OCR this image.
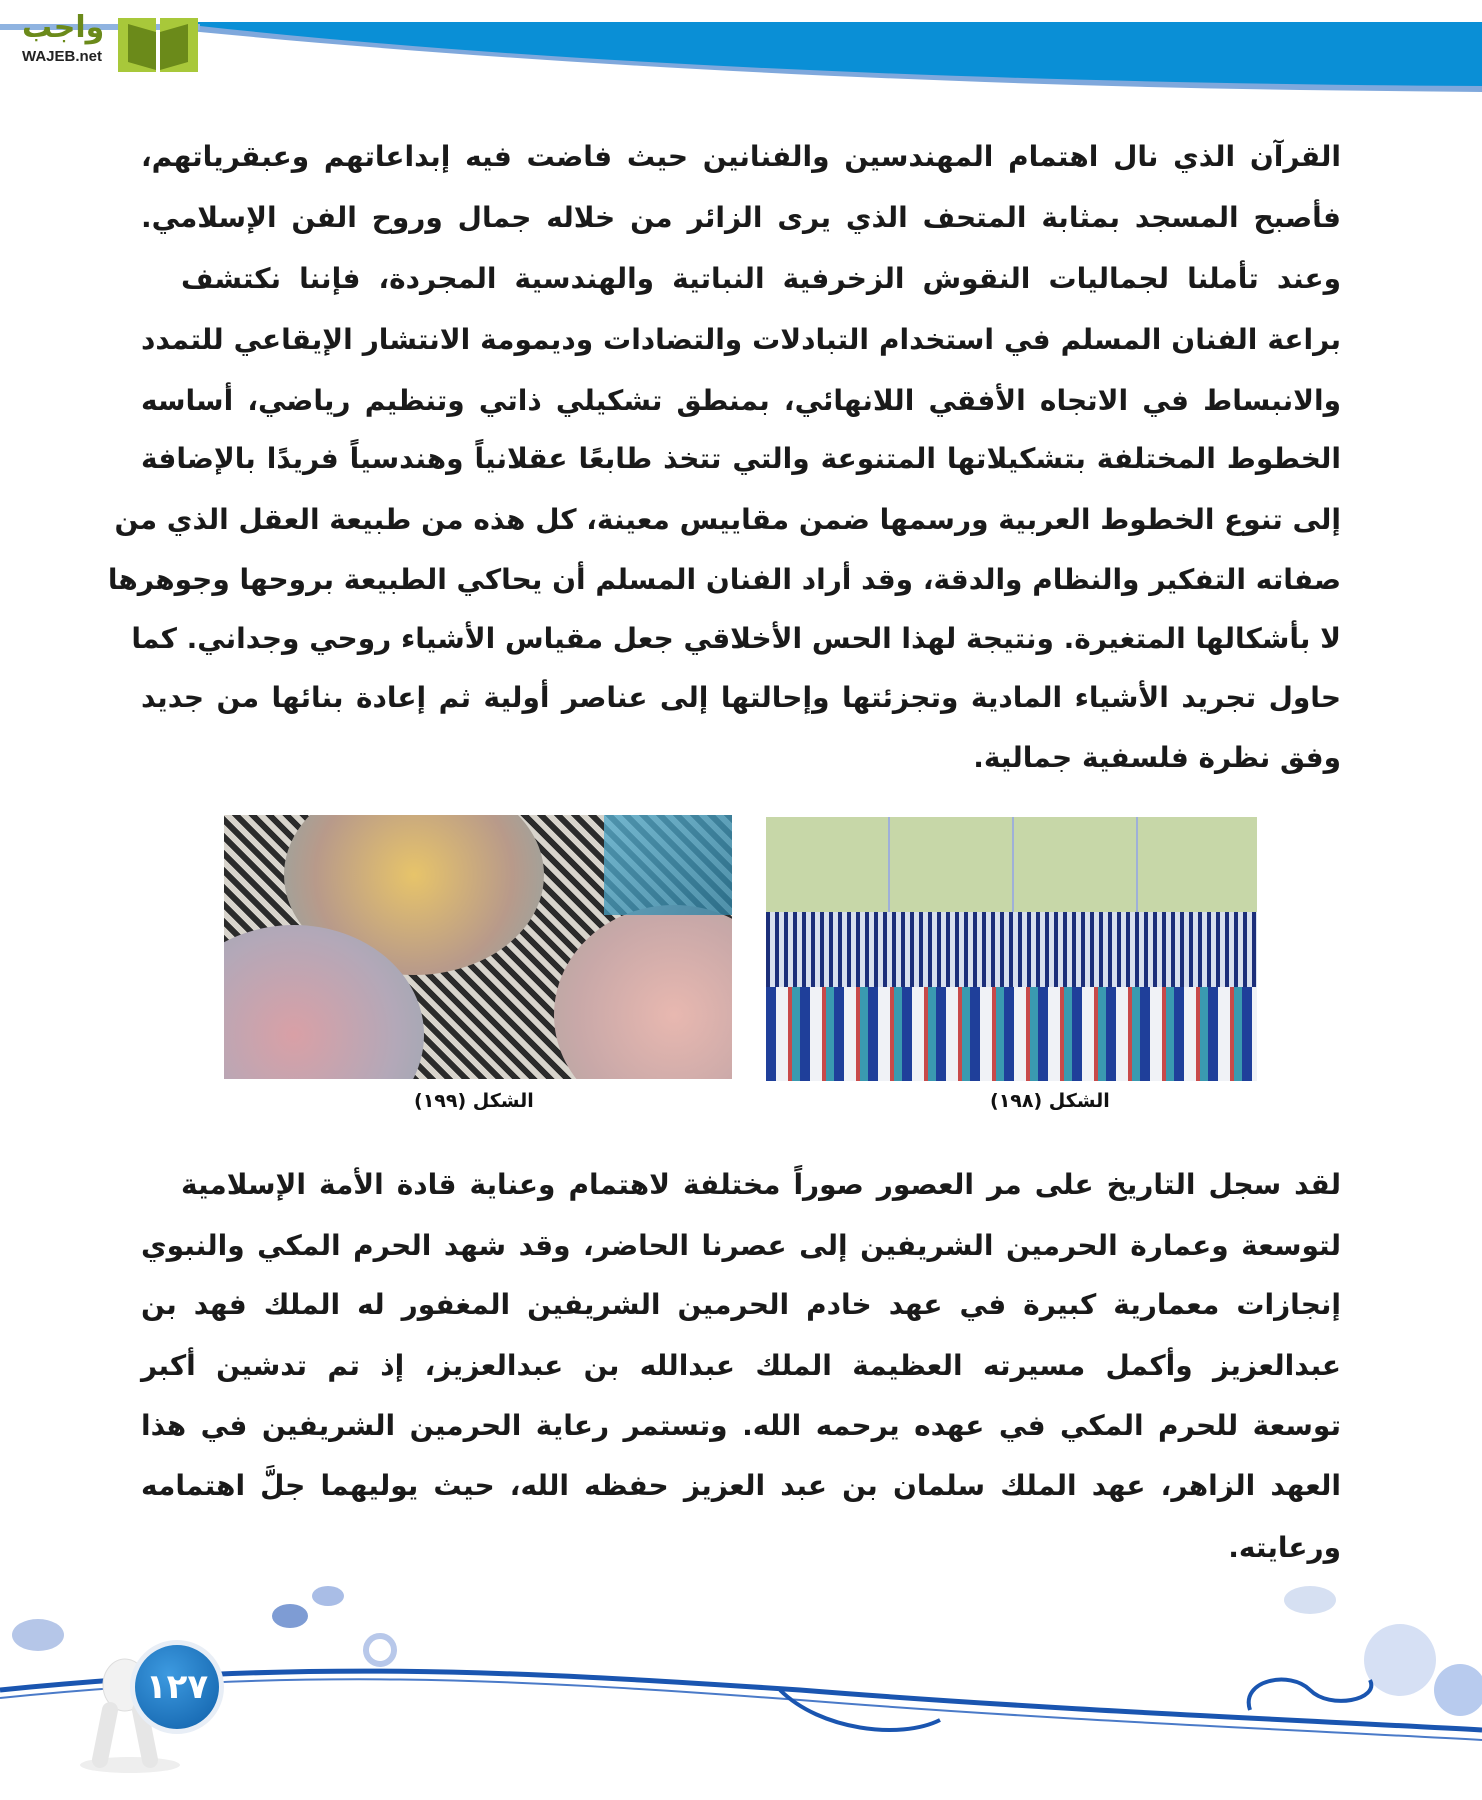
واجب
WAJEB.net
القرآن الذي نال اهتمام المهندسين والفنانين حيث فاضت فيه إبداعاتهم وعبقرياتهم،
فأصبح المسجد بمثابة المتحف الذي يرى الزائر من خلاله جمال وروح الفن الإسلامي.
وعند تأملنا لجماليات النقوش الزخرفية النباتية والهندسية المجردة، فإننا نكتشف
براعة الفنان المسلم في استخدام التبادلات والتضادات وديمومة الانتشار الإيقاعي للتمدد
والانبساط في الاتجاه الأفقي اللانهائي، بمنطق تشكيلي ذاتي وتنظيم رياضي، أساسه
الخطوط المختلفة بتشكيلاتها المتنوعة والتي تتخذ طابعًا عقلانياً وهندسياً فريدًا بالإضافة
إلى تنوع الخطوط العربية ورسمها ضمن مقاييس معينة، كل هذه من طبيعة العقل الذي من
صفاته التفكير والنظام والدقة، وقد أراد الفنان المسلم أن يحاكي الطبيعة بروحها وجوهرها
لا بأشكالها المتغيرة. ونتيجة لهذا الحس الأخلاقي جعل مقياس الأشياء روحي وجداني. كما
حاول تجريد الأشياء المادية وتجزئتها وإحالتها إلى عناصر أولية ثم إعادة بنائها من جديد
وفق نظرة فلسفية جمالية.
الشكل (١٩٩)	الشكل (١٩٨)
لقد سجل التاريخ على مر العصور صوراً مختلفة لاهتمام وعناية قادة الأمة الإسلامية
لتوسعة وعمارة الحرمين الشريفين إلى عصرنا الحاضر، وقد شهد الحرم المكي والنبوي
إنجازات معمارية كبيرة في عهد خادم الحرمين الشريفين المغفور له الملك فهد بن
عبدالعزيز وأكمل مسيرته العظيمة الملك عبدالله بن عبدالعزيز، إذ تم تدشين أكبر
توسعة للحرم المكي في عهده يرحمه الله. وتستمر رعاية الحرمين الشريفين في هذا
العهد الزاهر، عهد الملك سلمان بن عبد العزيز حفظه الله، حيث يوليهما جلَّ اهتمامه
ورعايته.
١٢٧
